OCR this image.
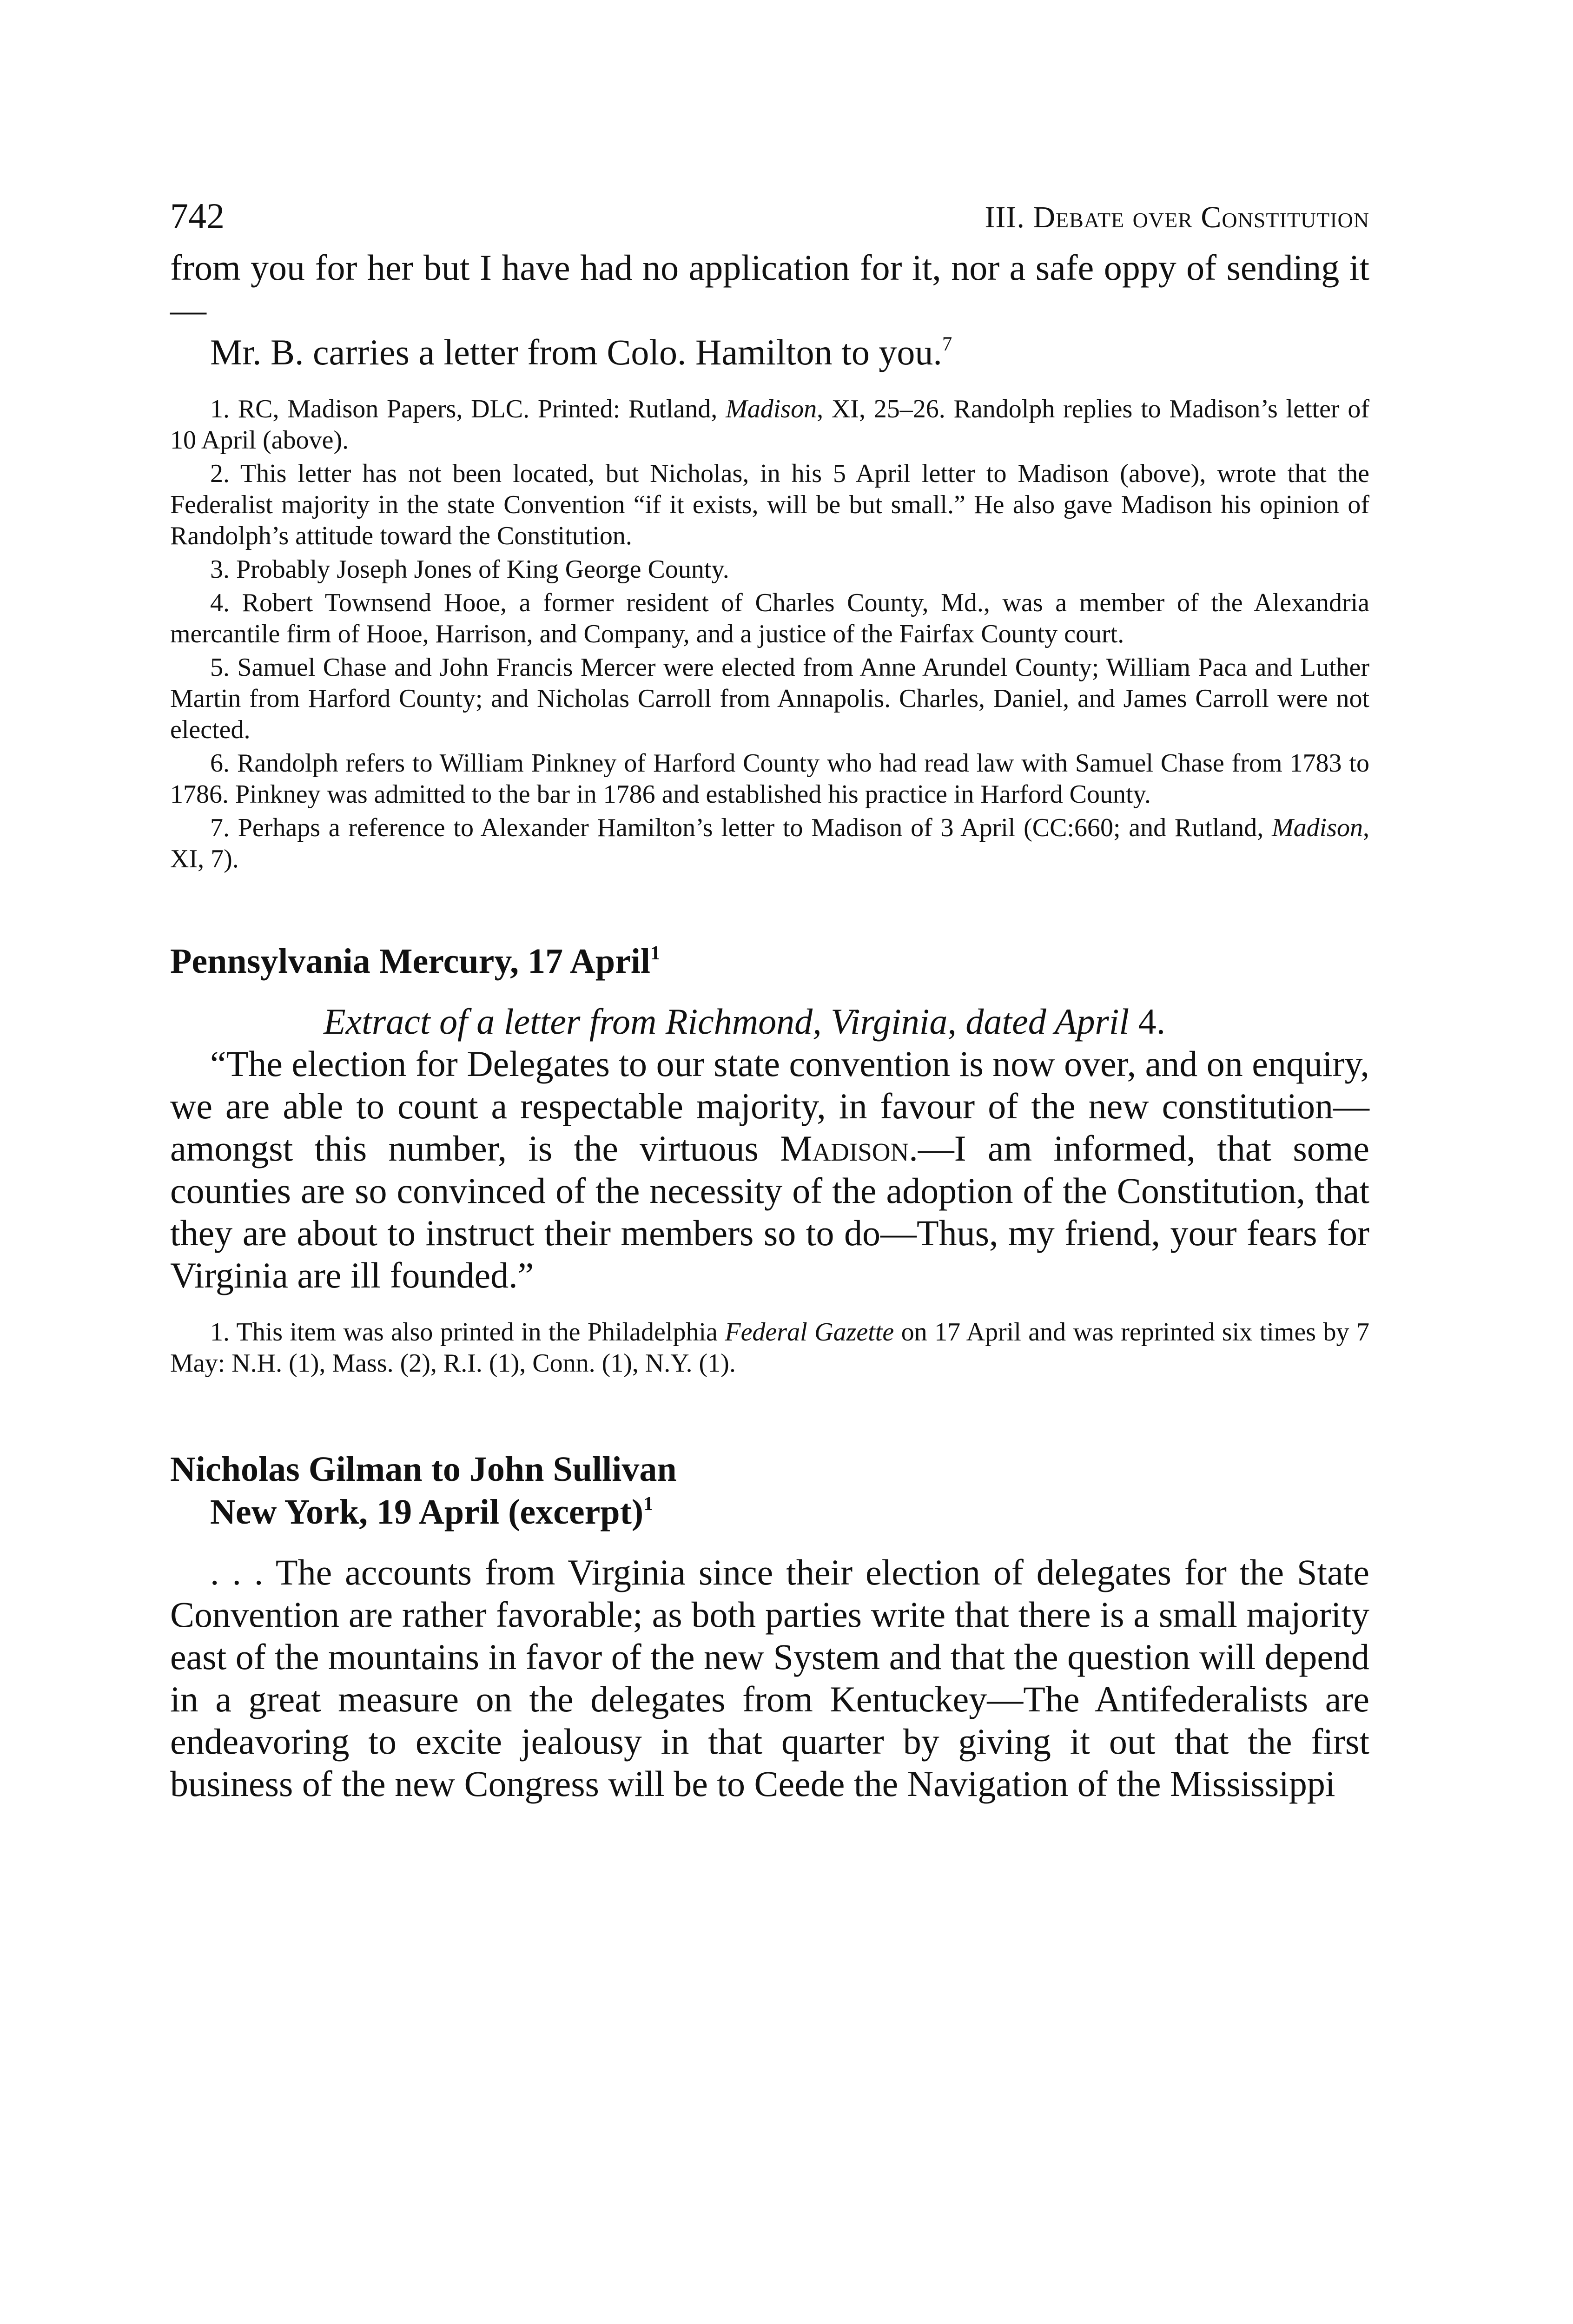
742	III. Debate over Constitution

from you for her but I have had no application for it, nor a safe oppy of sending it—

Mr. B. carries a letter from Colo. Hamilton to you.$^7$

1. RC, Madison Papers, DLC. Printed: Rutland, Madison, XI, 25–26. Randolph replies to Madison’s letter of 10 April (above).

2. This letter has not been located, but Nicholas, in his 5 April letter to Madison (above), wrote that the Federalist majority in the state Convention “if it exists, will be but small.” He also gave Madison his opinion of Randolph’s attitude toward the Constitution.

3. Probably Joseph Jones of King George County.

4. Robert Townsend Hooe, a former resident of Charles County, Md., was a member of the Alexandria mercantile firm of Hooe, Harrison, and Company, and a justice of the Fairfax County court.

5. Samuel Chase and John Francis Mercer were elected from Anne Arundel County; William Paca and Luther Martin from Harford County; and Nicholas Carroll from Annapolis. Charles, Daniel, and James Carroll were not elected.

6. Randolph refers to William Pinkney of Harford County who had read law with Samuel Chase from 1783 to 1786. Pinkney was admitted to the bar in 1786 and established his practice in Harford County.

7. Perhaps a reference to Alexander Hamilton’s letter to Madison of 3 April (CC:660; and Rutland, Madison, XI, 7).

Pennsylvania Mercury, 17 April$^1$

Extract of a letter from Richmond, Virginia, dated April 4.

“The election for Delegates to our state convention is now over, and on enquiry, we are able to count a respectable majority, in favour of the new constitution—amongst this number, is the virtuous Madison.—I am informed, that some counties are so convinced of the necessity of the adoption of the Constitution, that they are about to instruct their members so to do—Thus, my friend, your fears for Virginia are ill founded.”

1. This item was also printed in the Philadelphia Federal Gazette on 17 April and was reprinted six times by 7 May: N.H. (1), Mass. (2), R.I. (1), Conn. (1), N.Y. (1).

Nicholas Gilman to John Sullivan
New York, 19 April (excerpt)$^1$

. . . The accounts from Virginia since their election of delegates for the State Convention are rather favorable; as both parties write that there is a small majority east of the mountains in favor of the new System and that the question will depend in a great measure on the delegates from Kentuckey—The Antifederalists are endeavoring to excite jealousy in that quarter by giving it out that the first business of the new Congress will be to Ceede the Navigation of the Mississippi
